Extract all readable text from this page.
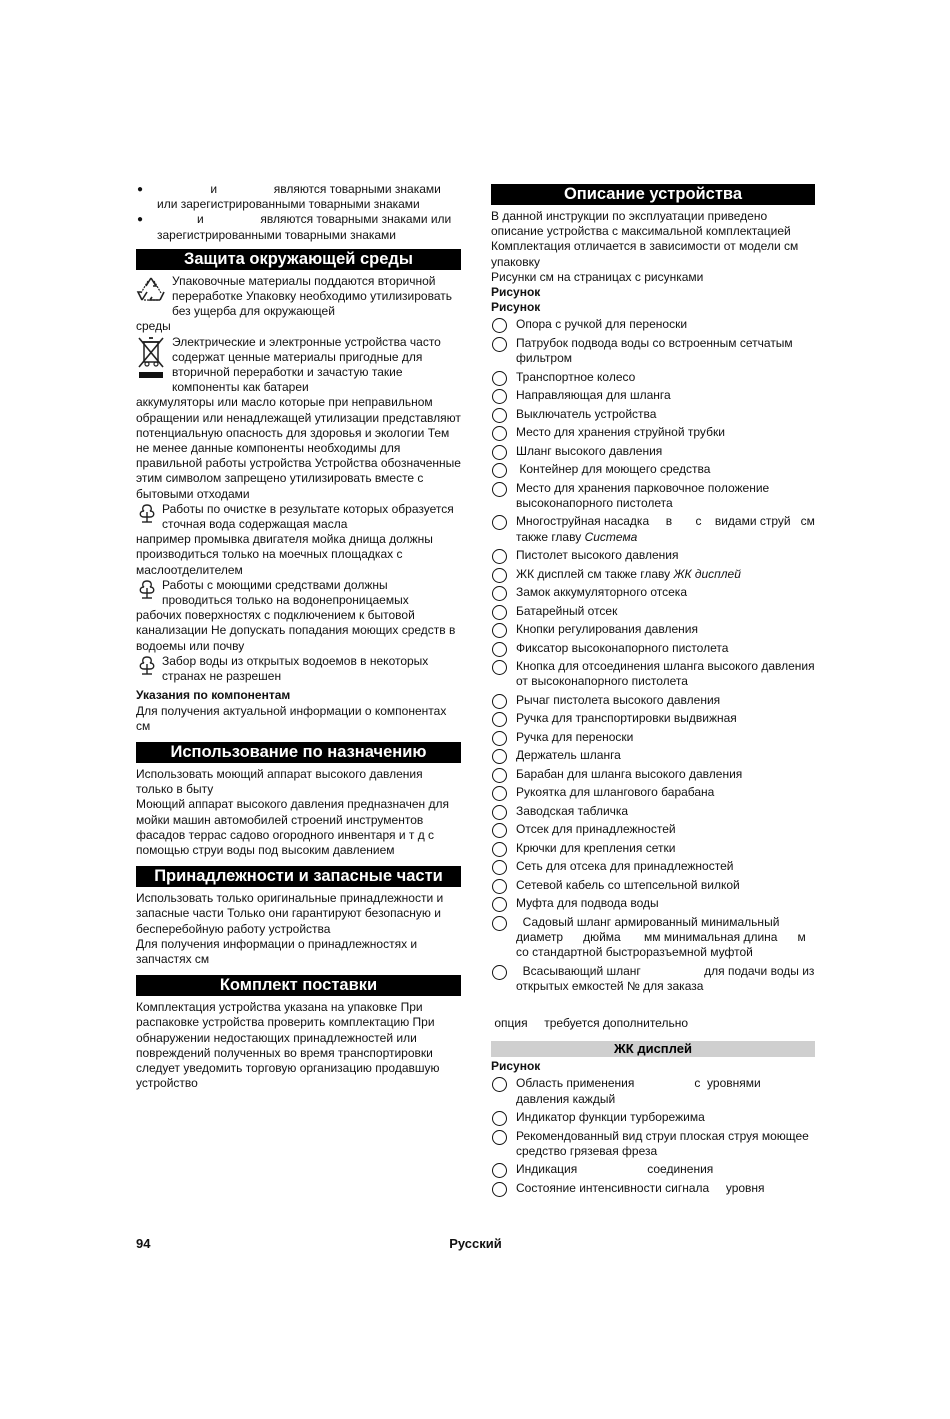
●                 и                 являются товарными знаками или зарегистрированными товарными знаками

●             и                 являются товарными знаками или зарегистрированными товарными знаками

Защита окружающей среды

Упаковочные материалы поддаются вторичной переработке Упаковку необходимо утилизировать без ущерба для окружающей

среды

Электрические и электронные устройства часто содержат ценные материалы пригодные для вторичной переработки и зачастую такие компоненты как батареи

аккумуляторы или масло которые при неправильном обращении или ненадлежащей утилизации представляют потенциальную опасность для здоровья и экологии Тем не менее данные компоненты необходимы для правильной работы устройства Устройства обозначенные этим символом запрещено утилизировать вместе с бытовыми отходами

Работы по очистке в результате которых образуется сточная вода содержащая масла

например промывка двигателя мойка днища должны производиться только на моечных площадках с маслоотделителем

Работы с моющими средствами должны проводиться только на водонепроницаемых

рабочих поверхностях с подключением к бытовой канализации Не допускать попадания моющих средств в водоемы или почву

Забор воды из открытых водоемов в некоторых странах не разрешен

Указания по компонентам

Для получения актуальной информации о компонентах см

Использование по назначению

Использовать моющий аппарат высокого давления только в быту

Моющий аппарат высокого давления предназначен для мойки машин автомобилей строений инструментов фасадов террас садово огородного инвентаря и т д с помощью струи воды под высоким давлением

Принадлежности и запасные части

Использовать только оригинальные принадлежности и запасные части Только они гарантируют безопасную и бесперебойную работу устройства

Для получения информации о принадлежностях и запчастях см

Комплект поставки

Комплектация устройства указана на упаковке При распаковке устройства проверить комплектацию При обнаружении недостающих принадлежностей или повреждений полученных во время транспортировки следует уведомить торговую организацию продавшую устройство

Описание устройства

В данной инструкции по эксплуатации приведено описание устройства с максимальной комплектацией Комплектация отличается в зависимости от модели см упаковку

Рисунки см на страницах с рисунками

Рисунок

Рисунок

Опора с ручкой для переноски
Патрубок подвода воды со встроенным сетчатым фильтром
Транспортное колесо
Направляющая для шланга
Выключатель устройства
Место для хранения струйной трубки
Шланг высокого давления
Контейнер для моющего средства
Место для хранения парковочное положение высоконапорного пистолета
Многоструйная насадка     в       с    видами струй   см также главу Система
Пистолет высокого давления
ЖК дисплей см также главу ЖК дисплей
Замок аккумуляторного отсека
Батарейный отсек
Кнопки регулирования давления
Фиксатор высоконапорного пистолета
Кнопка для отсоединения шланга высокого давления от высоконапорного пистолета
Рычаг пистолета высокого давления
Ручка для транспортировки выдвижная
Ручка для переноски
Держатель шланга
Барабан для шланга высокого давления
Рукоятка для шлангового барабана
Заводская табличка
Отсек для принадлежностей
Крючки для крепления сетки
Сеть для отсека для принадлежностей
Сетевой кабель со штепсельной вилкой
Муфта для подвода воды
Садовый шланг армированный минимальный диаметр      дюйма       мм минимальная длина      м со стандартной быстроразъемной муфтой
Всасывающий шланг                   для подачи воды из открытых емкостей № для заказа

опция     требуется дополнительно

ЖК дисплей

Рисунок

Область применения                  с  уровнями давления каждый
Индикатор функции турборежима
Рекомендованный вид струи плоская струя моющее средство грязевая фреза
Индикация                     соединения
Состояние интенсивности сигнала     уровня
94	Русский
